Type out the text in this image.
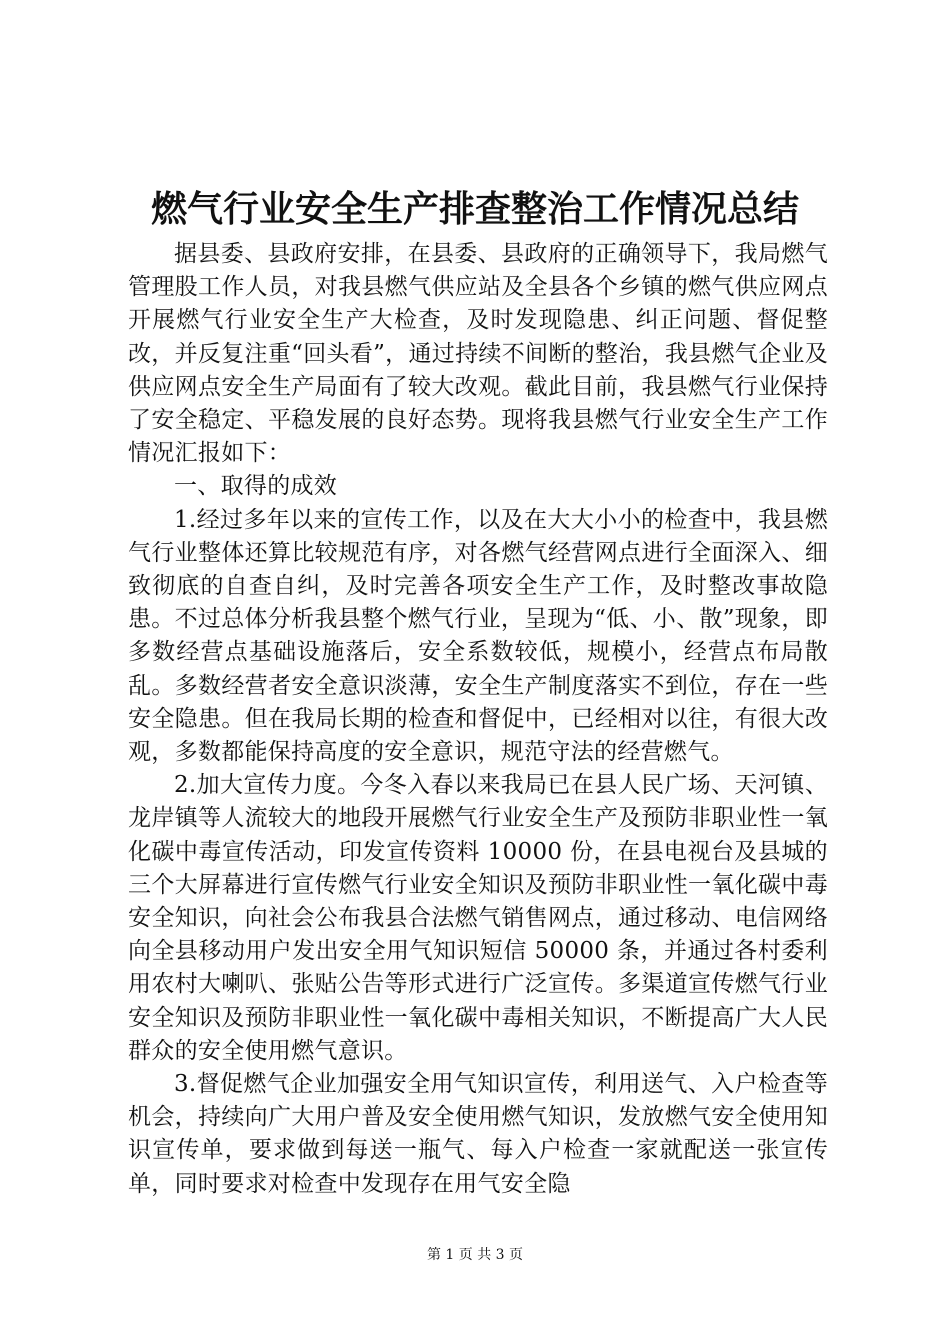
燃气行业安全生产排查整治工作情况总结

据县委、县政府安排，在县委、县政府的正确领导下，我局燃气管理股工作人员，对我县燃气供应站及全县各个乡镇的燃气供应网点开展燃气行业安全生产大检查，及时发现隐患、纠正问题、督促整改，并反复注重“回头看”，通过持续不间断的整治，我县燃气企业及供应网点安全生产局面有了较大改观。截此目前，我县燃气行业保持了安全稳定、平稳发展的良好态势。现将我县燃气行业安全生产工作情况汇报如下：

一、取得的成效

1.经过多年以来的宣传工作，以及在大大小小的检查中，我县燃气行业整体还算比较规范有序，对各燃气经营网点进行全面深入、细致彻底的自查自纠，及时完善各项安全生产工作，及时整改事故隐患。不过总体分析我县整个燃气行业，呈现为“低、小、散”现象，即多数经营点基础设施落后，安全系数较低，规模小，经营点布局散乱。多数经营者安全意识淡薄，安全生产制度落实不到位，存在一些安全隐患。但在我局长期的检查和督促中，已经相对以往，有很大改观，多数都能保持高度的安全意识，规范守法的经营燃气。

2.加大宣传力度。今冬入春以来我局已在县人民广场、天河镇、龙岸镇等人流较大的地段开展燃气行业安全生产及预防非职业性一氧化碳中毒宣传活动，印发宣传资料 10000 份，在县电视台及县城的三个大屏幕进行宣传燃气行业安全知识及预防非职业性一氧化碳中毒安全知识，向社会公布我县合法燃气销售网点，通过移动、电信网络向全县移动用户发出安全用气知识短信 50000 条，并通过各村委利用农村大喇叭、张贴公告等形式进行广泛宣传。多渠道宣传燃气行业安全知识及预防非职业性一氧化碳中毒相关知识，不断提高广大人民群众的安全使用燃气意识。

3.督促燃气企业加强安全用气知识宣传，利用送气、入户检查等机会，持续向广大用户普及安全使用燃气知识，发放燃气安全使用知识宣传单，要求做到每送一瓶气、每入户检查一家就配送一张宣传单，同时要求对检查中发现存在用气安全隐

第 1 页 共 3 页
